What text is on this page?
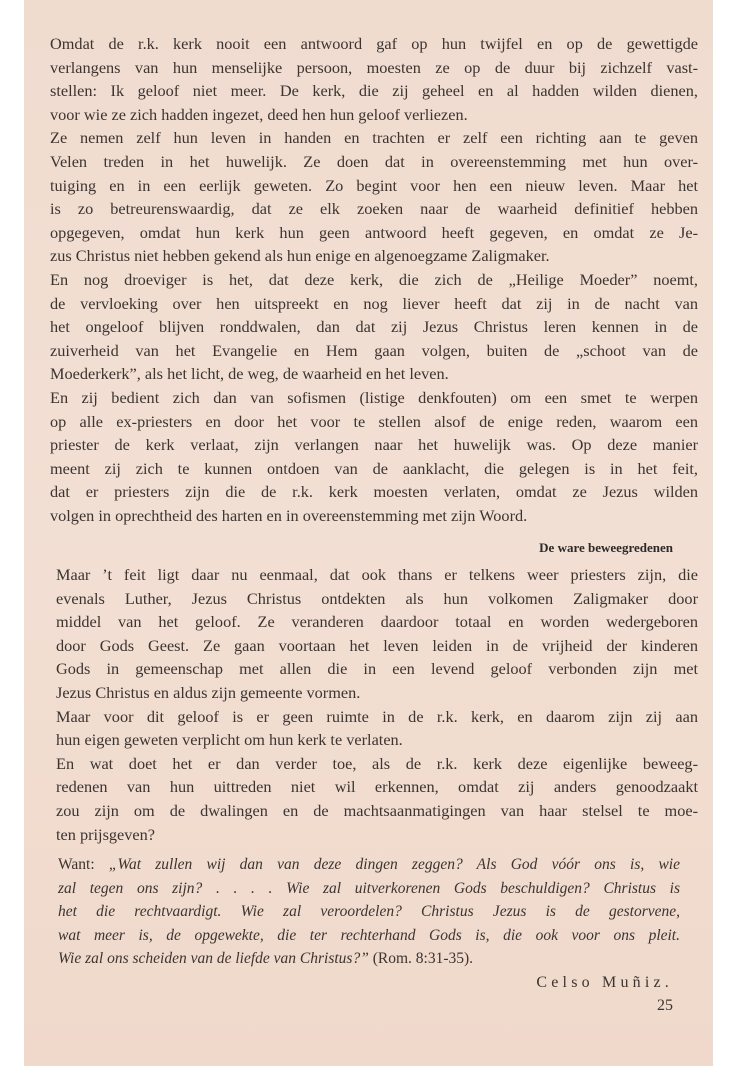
Omdat de r.k. kerk nooit een antwoord gaf op hun twijfel en op de gewettigde
verlangens van hun menselijke persoon, moesten ze op de duur bij zichzelf vast-
stellen: Ik geloof niet meer. De kerk, die zij geheel en al hadden wilden dienen,
voor wie ze zich hadden ingezet, deed hen hun geloof verliezen.
Ze nemen zelf hun leven in handen en trachten er zelf een richting aan te geven
Velen treden in het huwelijk. Ze doen dat in overeenstemming met hun over-
tuiging en in een eerlijk geweten. Zo begint voor hen een nieuw leven. Maar het
is zo betreurenswaardig, dat ze elk zoeken naar de waarheid definitief hebben
opgegeven, omdat hun kerk hun geen antwoord heeft gegeven, en omdat ze Je-
zus Christus niet hebben gekend als hun enige en algenoegzame Zaligmaker.
En nog droeviger is het, dat deze kerk, die zich de „Heilige Moeder” noemt,
de vervloeking over hen uitspreekt en nog liever heeft dat zij in de nacht van
het ongeloof blijven ronddwalen, dan dat zij Jezus Christus leren kennen in de
zuiverheid van het Evangelie en Hem gaan volgen, buiten de „schoot van de
Moederkerk”, als het licht, de weg, de waarheid en het leven.
En zij bedient zich dan van sofismen (listige denkfouten) om een smet te werpen
op alle ex-priesters en door het voor te stellen alsof de enige reden, waarom een
priester de kerk verlaat, zijn verlangen naar het huwelijk was. Op deze manier
meent zij zich te kunnen ontdoen van de aanklacht, die gelegen is in het feit,
dat er priesters zijn die de r.k. kerk moesten verlaten, omdat ze Jezus wilden
volgen in oprechtheid des harten en in overeenstemming met zijn Woord.
De ware beweegredenen
Maar ’t feit ligt daar nu eenmaal, dat ook thans er telkens weer priesters zijn, die
evenals Luther, Jezus Christus ontdekten als hun volkomen Zaligmaker door
middel van het geloof. Ze veranderen daardoor totaal en worden wedergeboren
door Gods Geest. Ze gaan voortaan het leven leiden in de vrijheid der kinderen
Gods in gemeenschap met allen die in een levend geloof verbonden zijn met
Jezus Christus en aldus zijn gemeente vormen.
Maar voor dit geloof is er geen ruimte in de r.k. kerk, en daarom zijn zij aan
hun eigen geweten verplicht om hun kerk te verlaten.
En wat doet het er dan verder toe, als de r.k. kerk deze eigenlijke beweeg-
redenen van hun uittreden niet wil erkennen, omdat zij anders genoodzaakt
zou zijn om de dwalingen en de machtsaanmatigingen van haar stelsel te moe-
ten prijsgeven?
Want: „Wat zullen wij dan van deze dingen zeggen? Als God vóór ons is, wie
zal tegen ons zijn? . . . . Wie zal uitverkorenen Gods beschuldigen? Christus is
het die rechtvaardigt. Wie zal veroordelen? Christus Jezus is de gestorvene,
wat meer is, de opgewekte, die ter rechterhand Gods is, die ook voor ons pleit.
Wie zal ons scheiden van de liefde van Christus?” (Rom. 8:31-35).
Celso Muñiz.
25
